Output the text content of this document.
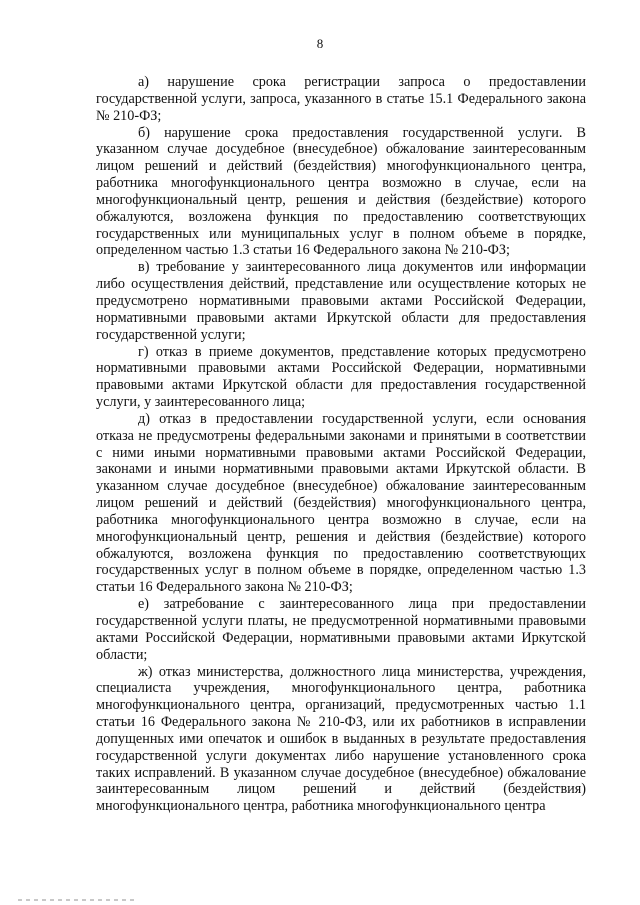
8

а) нарушение срока регистрации запроса о предоставлении государственной услуги, запроса, указанного в статье 15.1 Федерального закона № 210-ФЗ;

б) нарушение срока предоставления государственной услуги. В указанном случае досудебное (внесудебное) обжалование заинтересованным лицом решений и действий (бездействия) многофункционального центра, работника многофункционального центра возможно в случае, если на многофункциональный центр, решения и действия (бездействие) которого обжалуются, возложена функция по предоставлению соответствующих государственных или муниципальных услуг в полном объеме в порядке, определенном частью 1.3 статьи 16 Федерального закона № 210-ФЗ;

в) требование у заинтересованного лица документов или информации либо осуществления действий, представление или осуществление которых не предусмотрено нормативными правовыми актами Российской Федерации, нормативными правовыми актами Иркутской области для предоставления государственной услуги;

г) отказ в приеме документов, представление которых предусмотрено нормативными правовыми актами Российской Федерации, нормативными правовыми актами Иркутской области для предоставления государственной услуги, у заинтересованного лица;

д) отказ в предоставлении государственной услуги, если основания отказа не предусмотрены федеральными законами и принятыми в соответствии с ними иными нормативными правовыми актами Российской Федерации, законами и иными нормативными правовыми актами Иркутской области. В указанном случае досудебное (внесудебное) обжалование заинтересованным лицом решений и действий (бездействия) многофункционального центра, работника многофункционального центра возможно в случае, если на многофункциональный центр, решения и действия (бездействие) которого обжалуются, возложена функция по предоставлению соответствующих государственных услуг в полном объеме в порядке, определенном частью 1.3 статьи 16 Федерального закона № 210-ФЗ;

е) затребование с заинтересованного лица при предоставлении государственной услуги платы, не предусмотренной нормативными правовыми актами Российской Федерации, нормативными правовыми актами Иркутской области;

ж) отказ министерства, должностного лица министерства, учреждения, специалиста учреждения, многофункционального центра, работника многофункционального центра, организаций, предусмотренных частью 1.1 статьи 16 Федерального закона № 210-ФЗ, или их работников в исправлении допущенных ими опечаток и ошибок в выданных в результате предоставления государственной услуги документах либо нарушение установленного срока таких исправлений. В указанном случае досудебное (внесудебное) обжалование заинтересованным лицом решений и действий (бездействия) многофункционального центра, работника многофункционального центра
